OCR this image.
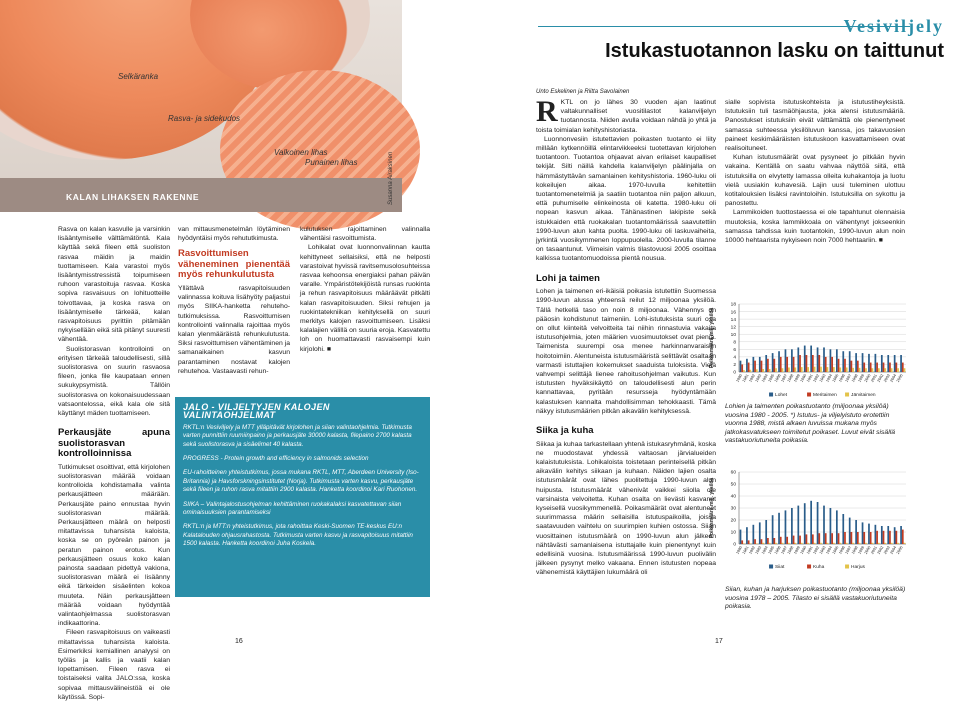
Selkäranka
Rasva- ja sidekudos
Valkoinen lihas
Punainen lihas
KALAN LIHAKSEN RAKENNE	Susanna Airaksinen

Rasva on kalan kasvulle ja varsinkin lisääntymiselle välttämätöntä. Kala käyttää sekä fileen että suoliston rasvaa mäidin ja maidin tuottamiseen. Kala varastoi myös lisääntymisstressistä toipumiseen ruhoon varastoituja rasvaa. Koska sopiva rasvaisuus on lohituotteille toivottavaa, ja koska rasva on lisääntymiselle tärkeää, kalan rasvapitoisuus pyrittiin pitämään nykyisellään eikä sitä pitänyt suuresti vähentää.

Suolistorasvan kontrollointi on erityisen tärkeää taloudellisesti, sillä suolistorasva on suurin rasvaosa fileen, jonka file kaupataan ennen sukukypsymistä. Tällöin suolistorasva on kokonaisuudessaan vatsaontelossa, eikä kala ole sitä käyttänyt mäden tuottamiseen.

Perkausjäte apuna suolistorasvan kontrolloinnissa

Tutkimukset osoittivat, että kirjolohen suolistorasvan määrää voidaan kontrolloida kohdistamalla valinta perkausjätteen määrään. Perkausjäte paino ennustaa hyvin suolistorasvan määrää. Perkausjätteen määrä on helposti mitattavissa tuhansista kaloista, koska se on pyöreän painon ja peratun painon erotus. Kun perkausjätteen osuus koko kalan painosta saadaan pidettyä vakiona, suolistorasvan määrä ei lisäänny eikä tärkeiden sisäelinten kokoa muuteta. Näin perkausjätteen määrää voidaan hyödyntää valintaohjelmassa suolistorasvan indikaattorina.

Fileen rasvapitoisuus on vaikeasti mitattavissa tuhansista kaloista. Esimerkiksi kemiallinen analyysi on työläs ja kallis ja vaatii kalan lopettamisen. Fileen rasva ei toistaiseksi valita JALO:ssa, koska sopivaa mittausvälineistöä ei ole käytössä. Sopi-

van mittausmenetelmän löytäminen hyödyntäisi myös rehututkimusta.

Rasvoittumisen väheneminen pienentää myös rehunkulutusta

Yllättävä rasvapitoisuuden valinnassa koituva lisähyöty paljastui myös SIIKA-hanketta rehuteho-tutkimuksissa. Rasvoittumisen kontrollointi valinnalla rajoittaa myös kalan ylenmääräistä rehunkulutusta. Siksi rasvoittumisen vähentäminen ja samanaikainen kasvun parantaminen nostavat kalojen rehutehoa. Vastaavasti rehun-

kulutuksen rajoittaminen valinnalla vähentäisi rasvoittumista.

Lohikalat ovat luonnonvalinnan kautta kehittyneet sellaisiksi, että ne helposti varastoivat hyvissä ravitsemusolosuhteissa rasvaa kehoonsa energiaksi pahan päivän varalle. Ympäristötekijöistä runsas ruokinta ja rehun rasvapitoisuus määräävät pitkälti kalan rasvapitoisuuden. Siksi rehujen ja ruokintatekniikan kehityksellä on suuri merkitys kalojen rasvoittumiseen. Lisäksi kalalajien välillä on suuria eroja. Kasvatettu loh on huomattavasti rasvaisempi kuin kirjolohi. ■

JALO - VILJELTYJEN KALOJEN VALINTAOHJELMAT

RKTL:n Vesiviljely ja MTT ylläpitävät kirjolohen ja siian valintaohjelmia. Tutkimusta varten punnittiin ruumiinpaino ja perkausjäte 30000 kalasta, filepaino 2700 kalasta sekä suolistorasva ja sisäelimet 40 kalasta.

PROGRESS - Protein growth and efficiency in salmonids selection

EU-rahoitteinen yhteistutkimus, jossa mukana RKTL, MTT, Aberdeen University (Iso-Britannia) ja Havsforskningsinstitutet (Norja). Tutkimusta varten kasvu, perkausjäte sekä fileen ja ruhon rasva mitattiin 2900 kalasta. Hanketta koordinoi Kari Ruohonen.

SIIKA – Valintajalostusohjelman kehittäminen ruokakalaksi kasvatettavan siian ominaisuuksien parantamiseksi

RKTL:n ja MTT:n yhteistutkimus, jota rahoittaa Keski-Suomen TE-keskus EU:n Kalatalouden ohjausrahastosta. Tutkimusta varten kasvu ja rasvapitoisuus mitattiin 1500 kalasta. Hanketta koordinoi Juha Koskela.

16
Vesiviljely
Istukastuotannon lasku on taittunut
Unto Eskelinen ja Riitta Savolainen

RKTL on jo lähes 30 vuoden ajan laatinut valtakunnalliset vuositilastot kalanviljelyn tuotannosta. Niiden avulla voidaan nähdä jo yhtä ja toista toimialan kehityshistoriasta.

Luonnonvesiin istutettavien poikasten tuotanto ei liity millään kytkennöillä elintarvikkeeksi tuotettavan kirjolohen tuotantoon. Tuotantoa ohjaavat aivan erilaiset kaupalliset tekijät. Silti näillä kahdella kalanviljelyn päälinjalla on hämmästyttävän samanlainen kehityshistoria. 1960-luku oli kokeilujen aikaa. 1970-luvulla kehitettiin tuotantomenetelmiä ja saatiin tuotantoa niin paljon alkuun, että puhumiselle elinkeinosta oli katetta. 1980-luku oli nopean kasvun aikaa. Tähänastinen lakipiste sekä istukkaiden että ruokakalan tuotantomäärissä saavutettiin 1990-luvun alun kahta puolta. 1990-luku oli laskuvaiheita, jyrkintä vuosikymmenen loppupuolella. 2000-luvulla tilanne on tasaantunut. Viimeisin valmis tilastovuosi 2005 osoittaa kalkissa tuotantomuodoissa pientä nousua.

Lohi ja taimen

Lohen ja taimenen eri-ikäisiä poikasia istutettiin Suomessa 1990-luvun alussa yhteensä reilut 12 miljoonaa yksilöä. Tällä hetkellä taso on noin 8 miljoonaa. Vähennys on pääosin kohdistunut taimeniin. Lohi-istutuksista suuri osa on ollut kiinteitä velvoitteita tai niihin rinnastuvia vakaita istutusohjelmia, joten määrien vuosimuutokset ovat pieniä. Taimenista suurempi osa menee harkinnanvaraisiin hoitotoimiin. Alentuneista istutusmääristä selittävät osaltaan varmasti istuttajien kokemukset saaduista tuloksista. Vielä vahvempi selittäjä lienee rahoitusohjelman vaikutus. Kun istutusten hyväksikäyttö on taloudellisesti alun perin kannattavaa, pyritään resursseja hyödyntämään kalastuksen kannalta mahdollisimman tehokkaasti. Tämä näkyy istutusmäärien pitkän aikavälin kehityksessä.

Siika ja kuha

Siikaa ja kuhaa tarkastellaan yhtenä istukasryhmänä, koska ne muodostavat yhdessä valtaosan järvialueiden kalaistutuksista. Lohikaloista toistetaan perinteisellä pitkän aikavälin kehitys siikaan ja kuhaan. Näiden lajien osalta istutusmäärät ovat lähes puolitettuja 1990-luvun alun huipusta. Istutusmäärät vähenivät vaikkei siiolla ole varsinaista velvoitetta. Kuhan osalta on lievästi kasvanut kyseisellä vuosikymmenellä. Poikasmäärät ovat alentuneet suurimmassa määrin sellaisilla istutuspaikoilla, joissa saatavuuden vaihtelu on suurimpien kuhien ostossa. Siian vuosittainen istutusmäärä on 1990-luvun alun jälkeen nähtävästi samanlaisena istuttajalle kuin pienentynyt kuin edellisinä vuosina. Istutusmäärissä 1990-luvun puolivälin jälkeen pysynyt melko vakaana. Ennen istutusten nopeaa vähenemistä käyttäjien lukumäärä oli

sialle sopivista istutuskohteista ja istutustiheyksistä. Istutuksiin tuli tasmäöhjausta, joka alensi istutusmääriä. Panostukset istutuksiin eivät välttämättä ole pienentyneet samassa suhteessa yksilöluvun kanssa, jos takavuosien paineet keskimääräisten istutuskoon kasvattamiseen ovat realisoituneet.

Kuhan istutusmäärät ovat pysyneet jo pitkään hyvin vakaina. Kentällä on saatu vahvaa näyttöä siitä, että istutuksilla on elvytetty lamassa olleita kuhakantoja ja luotu vielä uusiakin kuhavesiä. Lajin uusi tuleminen ulottuu kotitalouksien lisäksi ravintoloihin. Istutuksilla on sykottu ja panostettu.

Lammikoiden tuottostaessa ei ole tapahtunut olennaisia muutoksia, koska lammikkoala on vähentynyt jokseenkin samassa tahdissa kuin tuotantokin, 1990-luvun alun noin 10000 hehtaarista nykyiseen noin 7000 hehtaariin. ■

Poikasmäärä milj. yksilöä
0
2
4
6
8
10
12
14
16
18
1980
1981
1982
1983
1984
1985
1986
1987
1988
1989
1990
1991
1992
1993
1994
1995
1996
1997
1998
1999
2000
2001
2002
2003
2004
2005
Lohet	Meritaimen	Järvitaimen
Lohien ja taimenten poikastuotanto (miljoonaa yksilöä) vuosina 1980 - 2005. *) Istutus- ja viljelyistuto erotettiin vuonna 1988, mistä alkaen luvuissa mukana myös jatkokasvatukseen toimitetut poikaset. Luvut eivät sisällä vastakuoriutuneita poikasia.
Poikasmäärä milj. yksilöä
0
10
20
30
40
50
60
1980
1981
1982
1983
1984
1985
1986
1987
1988
1989
1990
1991
1992
1993
1994
1995
1996
1997
1998
1999
2000
2001
2002
2003
2004
2005
Siiat	Kuha	Harjus
Siian, kuhan ja harjuksen poikastuotanto (miljoonaa yksilöä) vuosina 1978 – 2005. Tilasto ei sisällä vastakuoriutuneita poikasia.
17
